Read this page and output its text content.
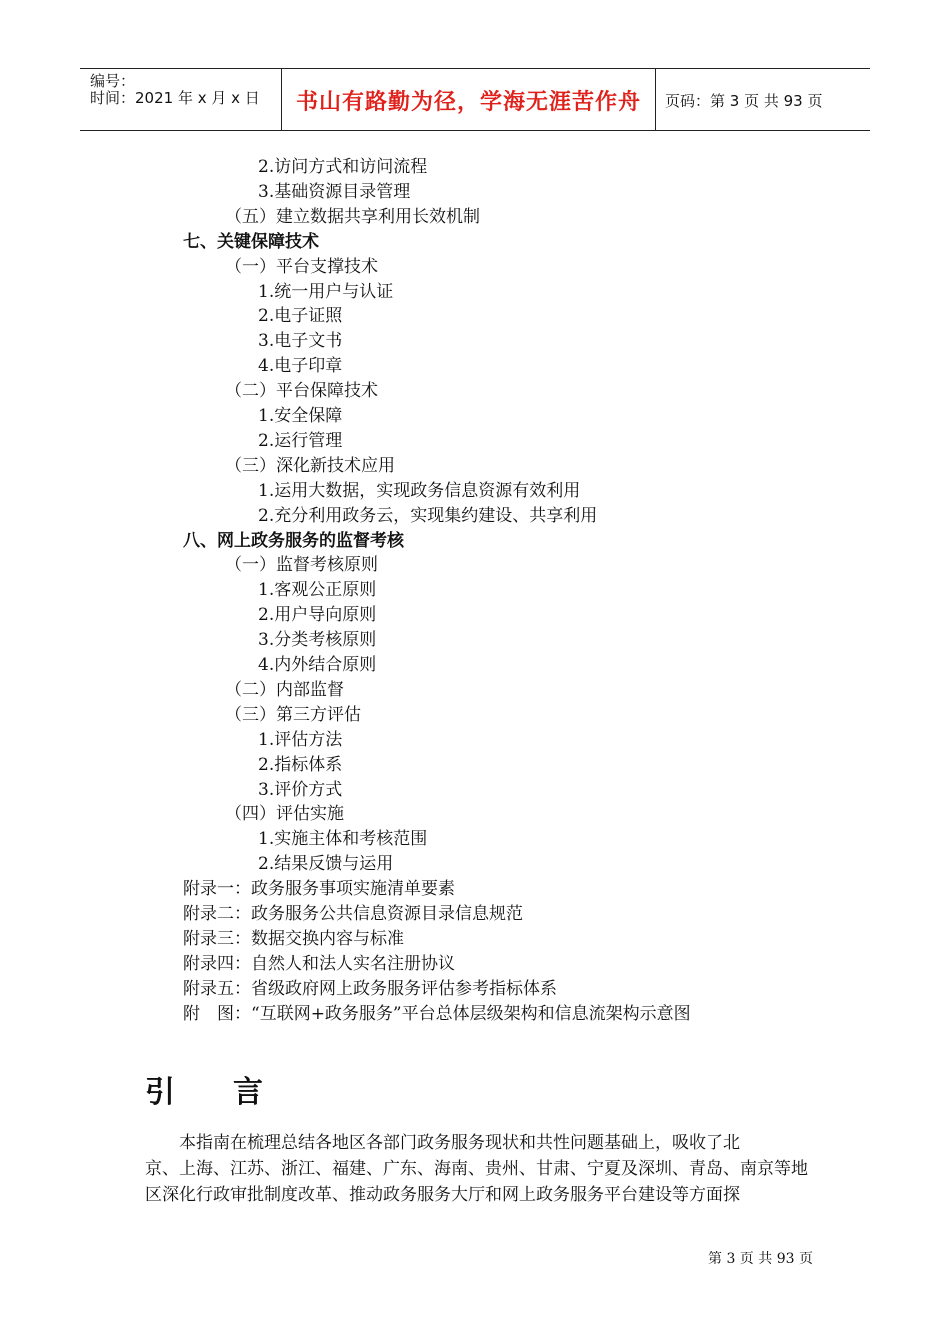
编号：
时间：2021 年 x 月 x 日	书山有路勤为径，学海无涯苦作舟	页码：第 3 页 共 93 页
2.访问方式和访问流程
3.基础资源目录管理
（五）建立数据共享利用长效机制
七、关键保障技术
（一）平台支撑技术
1.统一用户与认证
2.电子证照
3.电子文书
4.电子印章
（二）平台保障技术
1.安全保障
2.运行管理
（三）深化新技术应用
1.运用大数据，实现政务信息资源有效利用
2.充分利用政务云，实现集约建设、共享利用
八、网上政务服务的监督考核
（一）监督考核原则
1.客观公正原则
2.用户导向原则
3.分类考核原则
4.内外结合原则
（二）内部监督
（三）第三方评估
1.评估方法
2.指标体系
3.评价方式
（四）评估实施
1.实施主体和考核范围
2.结果反馈与运用
附录一：政务服务事项实施清单要素
附录二：政务服务公共信息资源目录信息规范
附录三：数据交换内容与标准
附录四：自然人和法人实名注册协议
附录五：省级政府网上政务服务评估参考指标体系
附　图：“互联网+政务服务”平台总体层级架构和信息流架构示意图
引言
　　本指南在梳理总结各地区各部门政务服务现状和共性问题基础上，吸收了北
京、上海、江苏、浙江、福建、广东、海南、贵州、甘肃、宁夏及深圳、青岛、南京等地
区深化行政审批制度改革、推动政务服务大厅和网上政务服务平台建设等方面探
第 3 页 共 93 页
